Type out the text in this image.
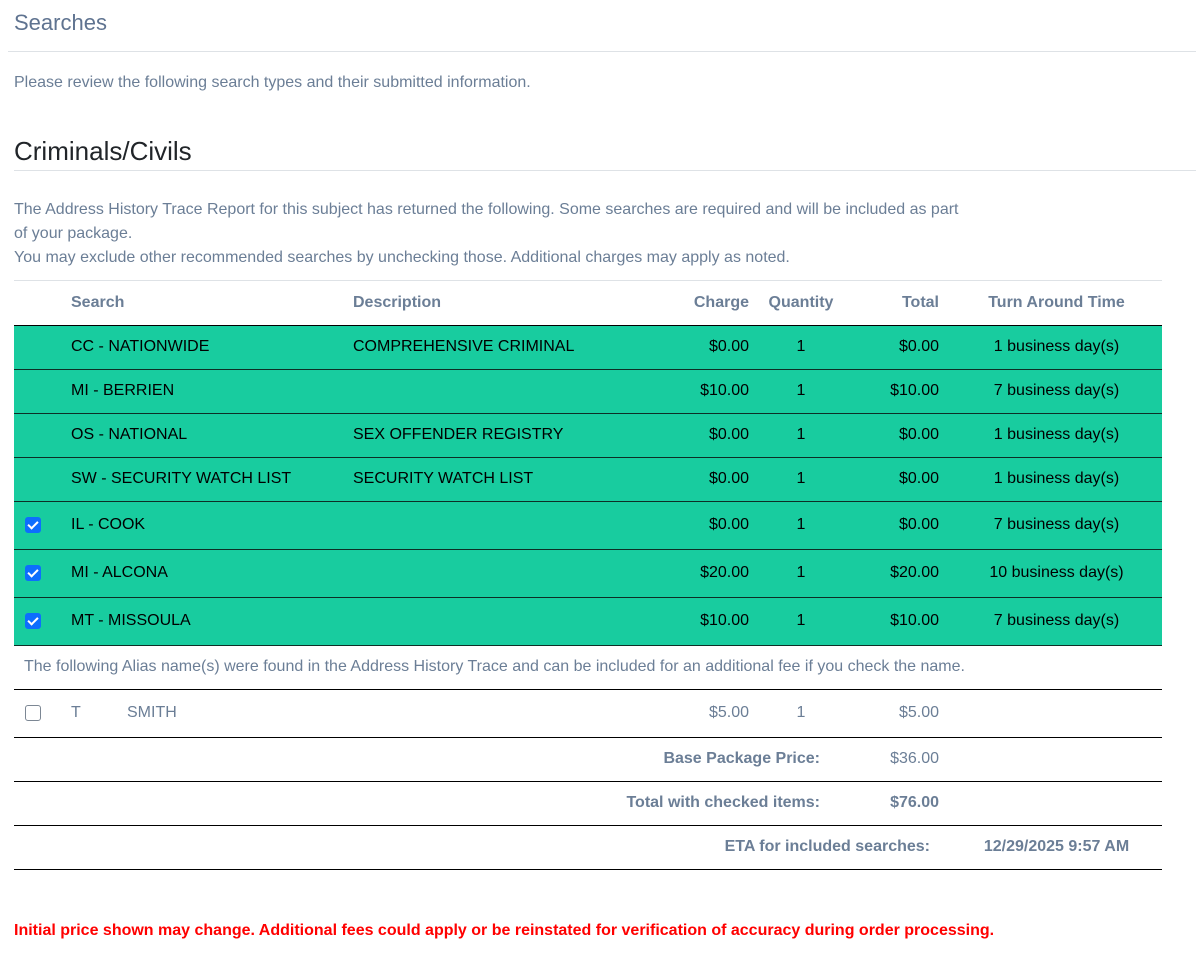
Searches
Please review the following search types and their submitted information.
Criminals/Civils
The Address History Trace Report for this subject has returned the following. Some searches are required and will be included as part of your package.
You may exclude other recommended searches by unchecking those. Additional charges may apply as noted.
	Search	Description	Charge	Quantity	Total	Turn Around Time
	CC - NATIONWIDE	COMPREHENSIVE CRIMINAL	$0.00	1	$0.00	1 business day(s)
	MI - BERRIEN		$10.00	1	$10.00	7 business day(s)
	OS - NATIONAL	SEX OFFENDER REGISTRY	$0.00	1	$0.00	1 business day(s)
	SW - SECURITY WATCH LIST	SECURITY WATCH LIST	$0.00	1	$0.00	1 business day(s)
	IL - COOK		$0.00	1	$0.00	7 business day(s)
	MI - ALCONA		$20.00	1	$20.00	10 business day(s)
	MT - MISSOULA		$10.00	1	$10.00	7 business day(s)
The following Alias name(s) were found in the Address History Trace and can be included for an additional fee if you check the name.						
	T SMITH		$5.00	1	$5.00	
Base Package Price:					$36.00	
Total with checked items:					$76.00	
ETA for included searches:						12/29/2025 9:57 AM
Initial price shown may change. Additional fees could apply or be reinstated for verification of accuracy during order processing.
